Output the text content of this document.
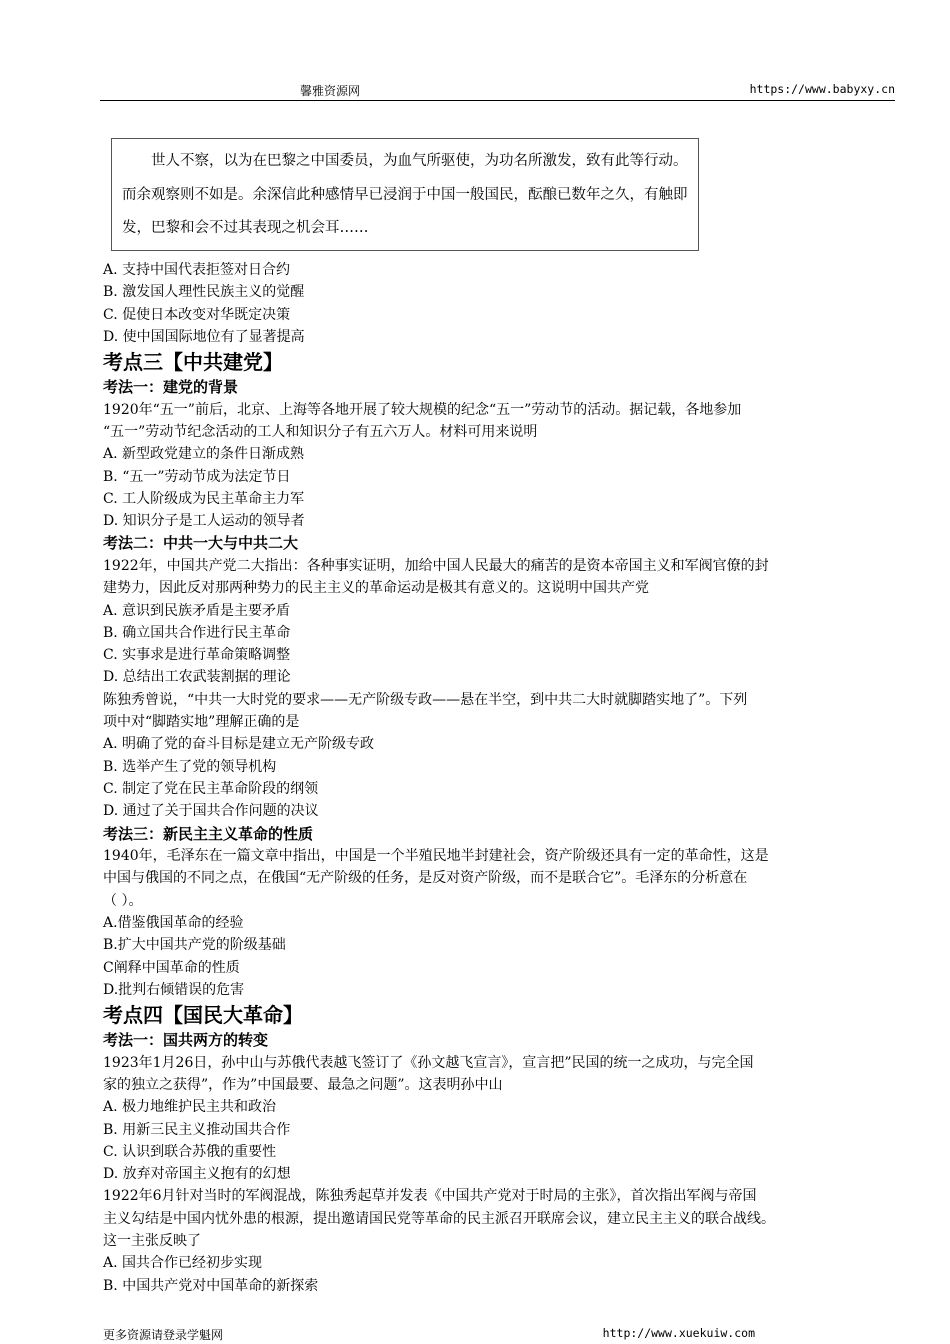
馨雅资源网	https://www.babyxy.cn

世人不察，以为在巴黎之中国委员，为血气所驱使，为功名所激发，致有此等行动。而余观察则不如是。余深信此种感情早已浸润于中国一般国民，酝酿已数年之久，有触即发，巴黎和会不过其表现之机会耳……

A. 支持中国代表拒签对日合约
B. 激发国人理性民族主义的觉醒
C. 促使日本改变对华既定决策
D. 使中国国际地位有了显著提高
考点三【中共建党】
考法一：建党的背景
1920年“五一”前后，北京、上海等各地开展了较大规模的纪念“五一”劳动节的活动。据记载，各地参加
“五一”劳动节纪念活动的工人和知识分子有五六万人。材料可用来说明
A. 新型政党建立的条件日渐成熟
B. “五一”劳动节成为法定节日
C. 工人阶级成为民主革命主力军
D. 知识分子是工人运动的领导者
考法二：中共一大与中共二大
1922年，中国共产党二大指出：各种事实证明，加给中国人民最大的痛苦的是资本帝国主义和军阀官僚的封
建势力，因此反对那两种势力的民主主义的革命运动是极其有意义的。这说明中国共产党
A. 意识到民族矛盾是主要矛盾
B. 确立国共合作进行民主革命
C. 实事求是进行革命策略调整
D. 总结出工农武装割据的理论
陈独秀曾说，“中共一大时党的要求——无产阶级专政——悬在半空，到中共二大时就脚踏实地了”。下列
项中对“脚踏实地”理解正确的是
A. 明确了党的奋斗目标是建立无产阶级专政
B. 选举产生了党的领导机构
C. 制定了党在民主革命阶段的纲领
D. 通过了关于国共合作问题的决议
考法三：新民主主义革命的性质
1940年，毛泽东在一篇文章中指出，中国是一个半殖民地半封建社会，资产阶级还具有一定的革命性，这是
中国与俄国的不同之点，在俄国“无产阶级的任务，是反对资产阶级，而不是联合它”。毛泽东的分析意在
（ ）。
A.借鉴俄国革命的经验
B.扩大中国共产党的阶级基础
C阐释中国革命的性质
D.批判右倾错误的危害
考点四【国民大革命】
考法一：国共两方的转变
1923年1月26日，孙中山与苏俄代表越飞签订了《孙文越飞宣言》，宣言把”民国的统一之成功，与完全国
家的独立之获得”，作为”中国最要、最急之问题”。这表明孙中山
A. 极力地维护民主共和政治
B. 用新三民主义推动国共合作
C. 认识到联合苏俄的重要性
D. 放弃对帝国主义抱有的幻想
1922年6月针对当时的军阀混战，陈独秀起草并发表《中国共产党对于时局的主张》，首次指出军阀与帝国
主义勾结是中国内忧外患的根源，提出邀请国民党等革命的民主派召开联席会议，建立民主主义的联合战线。
这一主张反映了
A. 国共合作已经初步实现
B. 中国共产党对中国革命的新探索
更多资源请登录学魁网	http://www.xuekuiw.com
